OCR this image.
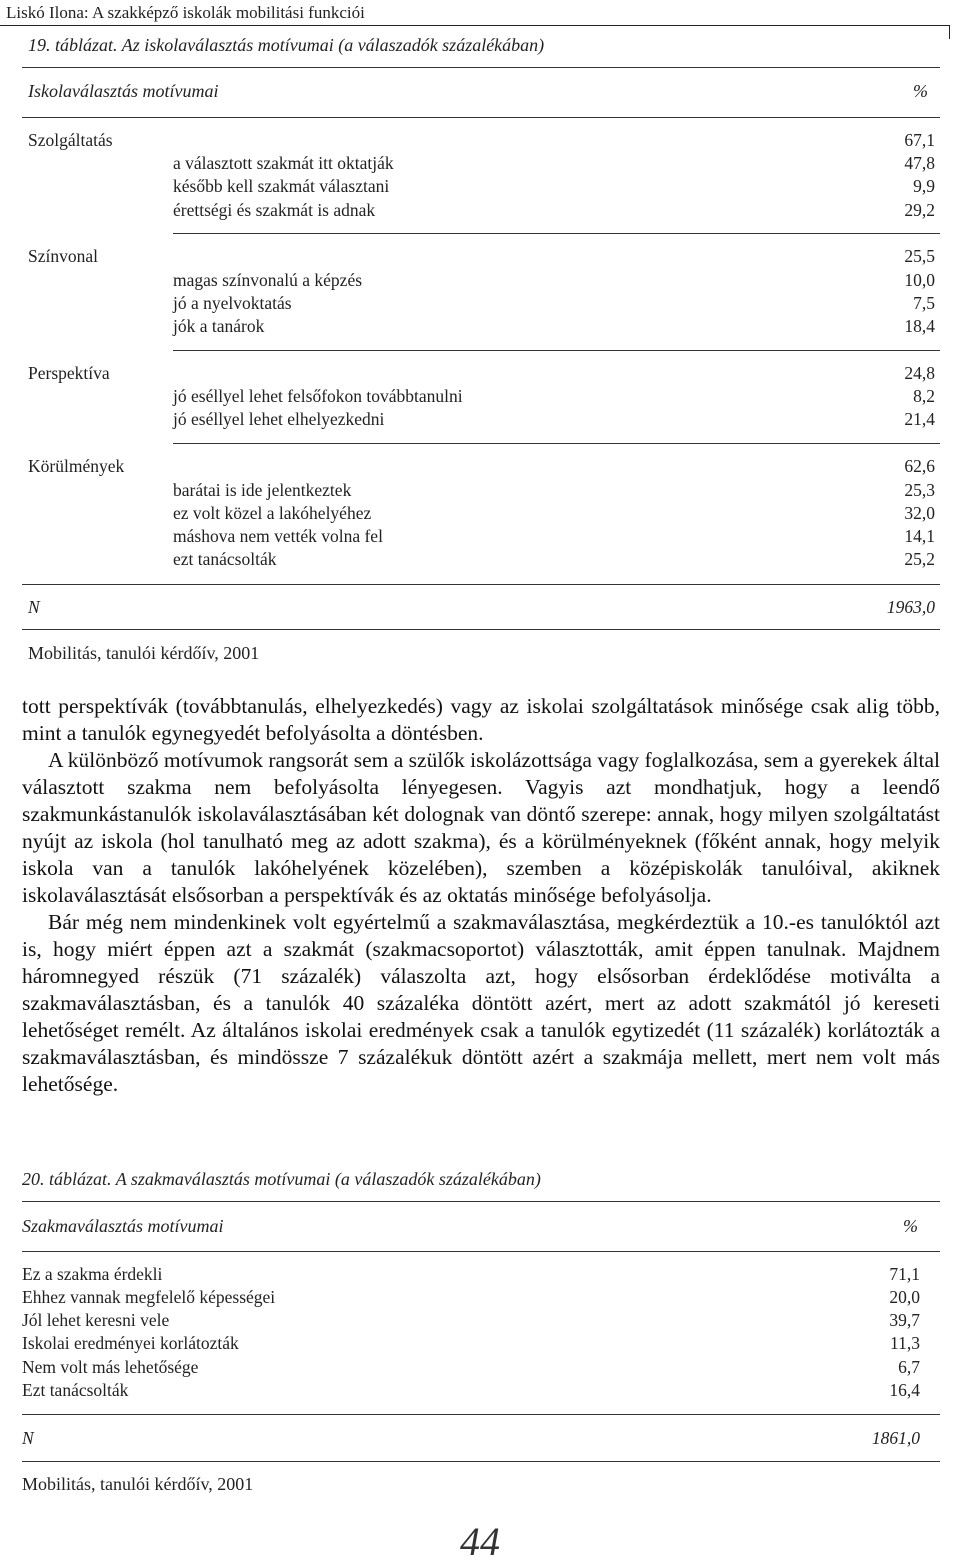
Liskó Ilona: A szakképző iskolák mobilitási funkciói
19. táblázat. Az iskolaválasztás motívumai (a válaszadók százalékában)
Iskolaválasztás motívumai	%
Szolgáltatás	67,1
a választott szakmát itt oktatják	47,8
később kell szakmát választani	9,9
érettségi és szakmát is adnak	29,2
Színvonal	25,5
magas színvonalú a képzés	10,0
jó a nyelvoktatás	7,5
jók a tanárok	18,4
Perspektíva	24,8
jó eséllyel lehet felsőfokon továbbtanulni	8,2
jó eséllyel lehet elhelyezkedni	21,4
Körülmények	62,6
barátai is ide jelentkeztek	25,3
ez volt közel a lakóhelyéhez	32,0
máshova nem vették volna fel	14,1
ezt tanácsolták	25,2
N	1963,0
Mobilitás, tanulói kérdőív, 2001

tott perspektívák (továbbtanulás, elhelyezkedés) vagy az iskolai szolgáltatások minősége csak alig több, mint a tanulók egynegyedét befolyásolta a döntésben.

A különböző motívumok rangsorát sem a szülők iskolázottsága vagy foglalkozása, sem a gyerekek által választott szakma nem befolyásolta lényegesen. Vagyis azt mondhatjuk, hogy a leendő szakmunkástanulók iskolaválasztásában két dolognak van döntő szerepe: annak, hogy milyen szolgáltatást nyújt az iskola (hol tanulható meg az adott szakma), és a körülményeknek (főként annak, hogy melyik iskola van a tanulók lakóhelyének közelében), szemben a középiskolák tanulóival, akiknek iskolaválasztását elsősorban a perspektívák és az oktatás minősége befolyásolja.

Bár még nem mindenkinek volt egyértelmű a szakmaválasztása, megkérdeztük a 10.-es tanulóktól azt is, hogy miért éppen azt a szakmát (szakmacsoportot) választották, amit éppen tanulnak. Majdnem háromnegyed részük (71 százalék) válaszolta azt, hogy elsősorban érdeklődése motiválta a szakmaválasztásban, és a tanulók 40 százaléka döntött azért, mert az adott szakmától jó kereseti lehetőséget remélt. Az általános iskolai eredmények csak a tanulók egytizedét (11 százalék) korlátozták a szakmaválasztásban, és mindössze 7 százalékuk döntött azért a szakmája mellett, mert nem volt más lehetősége.

20. táblázat. A szakmaválasztás motívumai (a válaszadók százalékában)
Szakmaválasztás motívumai	%
Ez a szakma érdekli	71,1
Ehhez vannak megfelelő képességei	20,0
Jól lehet keresni vele	39,7
Iskolai eredményei korlátozták	11,3
Nem volt más lehetősége	6,7
Ezt tanácsolták	16,4
N	1861,0
Mobilitás, tanulói kérdőív, 2001
44
